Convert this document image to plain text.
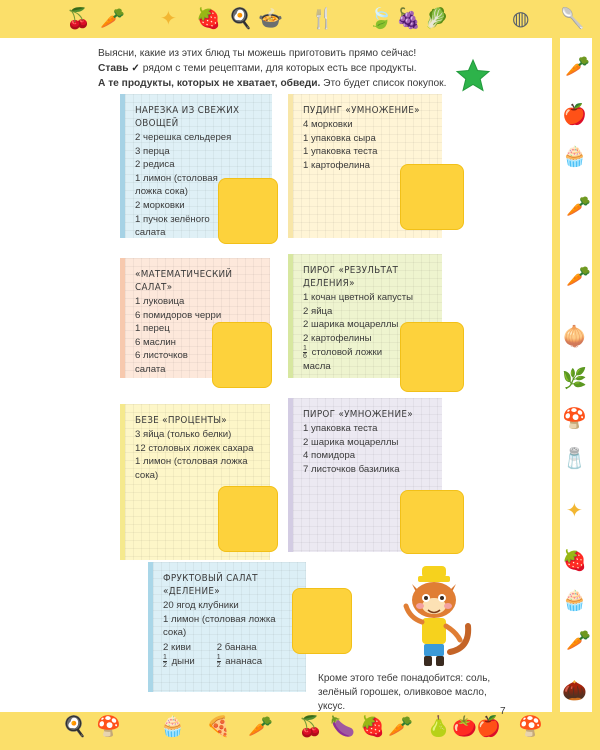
🍒 🥕 ✦ 🍓 🍳 🍲 🍴 🍃 🍇 🥬	◍ 🥄
🥕
🍎
🧁
🥕
🥕
🧅
🌿
🍄
🧂
✦
🍓
🧁
🥕
🌰
🍳 🍄 🧁 🍕 🥕 🍒 🍆 🍓 🥕 🍐 🍅 🍎 🍄
Выясни, какие из этих блюд ты можешь приготовить прямо сейчас!
Ставь ✓ рядом с теми рецептами, для которых есть все продукты.
А те продукты, которых не хватает, обведи. Это будет список покупок.
НАРЕЗКА ИЗ СВЕЖИХ
ОВОЩЕЙ
2 черешка сельдерея
3 перца
2 редиса
1 лимон (столовая
ложка сока)
2 морковки
1 пучок зелёного
салата
ПУДИНГ «УМНОЖЕНИЕ»
4 морковки
1 упаковка сыра
1 упаковка теста
1 картофелина
«МАТЕМАТИЧЕСКИЙ
САЛАТ»
1 луковица
6 помидоров черри
1 перец
6 маслин
6 листочков
салата
ПИРОГ «РЕЗУЛЬТАТ ДЕЛЕНИЯ»
1 кочан цветной капусты
2 яйца
2 шарика моцареллы
2 картофелины
$\frac{1}{6}$ столовой ложки
масла
БЕЗЕ «ПРОЦЕНТЫ»
3 яйца (только белки)
12 столовых ложек сахара
1 лимон (столовая ложка
сока)
ПИРОГ «УМНОЖЕНИЕ»
1 упаковка теста
2 шарика моцареллы
4 помидора
7 листочков базилика
ФРУКТОВЫЙ САЛАТ
«ДЕЛЕНИЕ»
20 ягод клубники
1 лимон (столовая ложка
сока)
2 киви
$\frac{1}{2}$ дыни
2 банана
$\frac{1}{2}$ ананаса
Кроме этого тебе понадобится: соль,
зелёный горошек, оливковое масло, уксус.	7
